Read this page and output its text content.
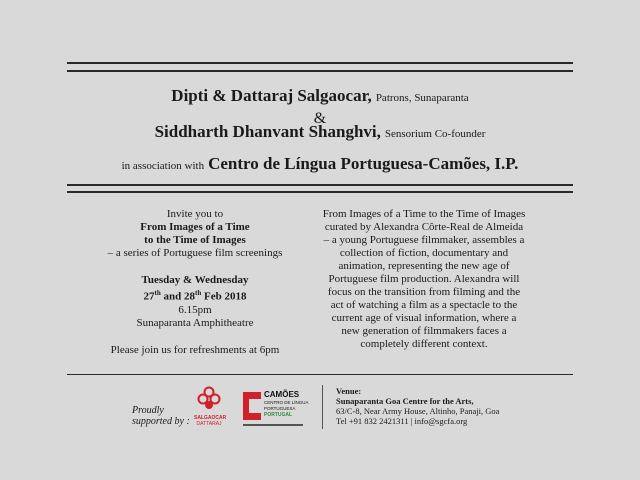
Dipti & Dattaraj Salgaocar, Patrons, Sunaparanta
&
Siddharth Dhanvant Shanghvi, Sensorium Co-founder
in association with Centro de Língua Portuguesa-Camões, I.P.
Invite you to
From Images of a Time
to the Time of Images
– a series of Portuguese film screenings
Tuesday & Wednesday
27th and 28th Feb 2018
6.15pm
Sunaparanta Amphitheatre
Please join us for refreshments at 6pm
From Images of a Time to the Time of Images
curated by Alexandra Côrte-Real de Almeida
– a young Portuguese filmmaker, assembles a
collection of fiction, documentary and
animation, representing the new age of
Portuguese film production. Alexandra will
focus on the transition from filming and the
act of watching a film as a spectacle to the
current age of visual information, where a
new generation of filmmakers faces a
completely different context.
Proudly
supported by : SALGAOCAR
DATTARAJ
CAMÕES
CENTRO DE LÍNGUA
PORTUGUESA
PORTUGAL
Venue:
Sunaparanta Goa Centre for the Arts,
63/C-8, Near Army House, Altinho, Panaji, Goa
Tel +91 832 2421311 | info@sgcfa.org
